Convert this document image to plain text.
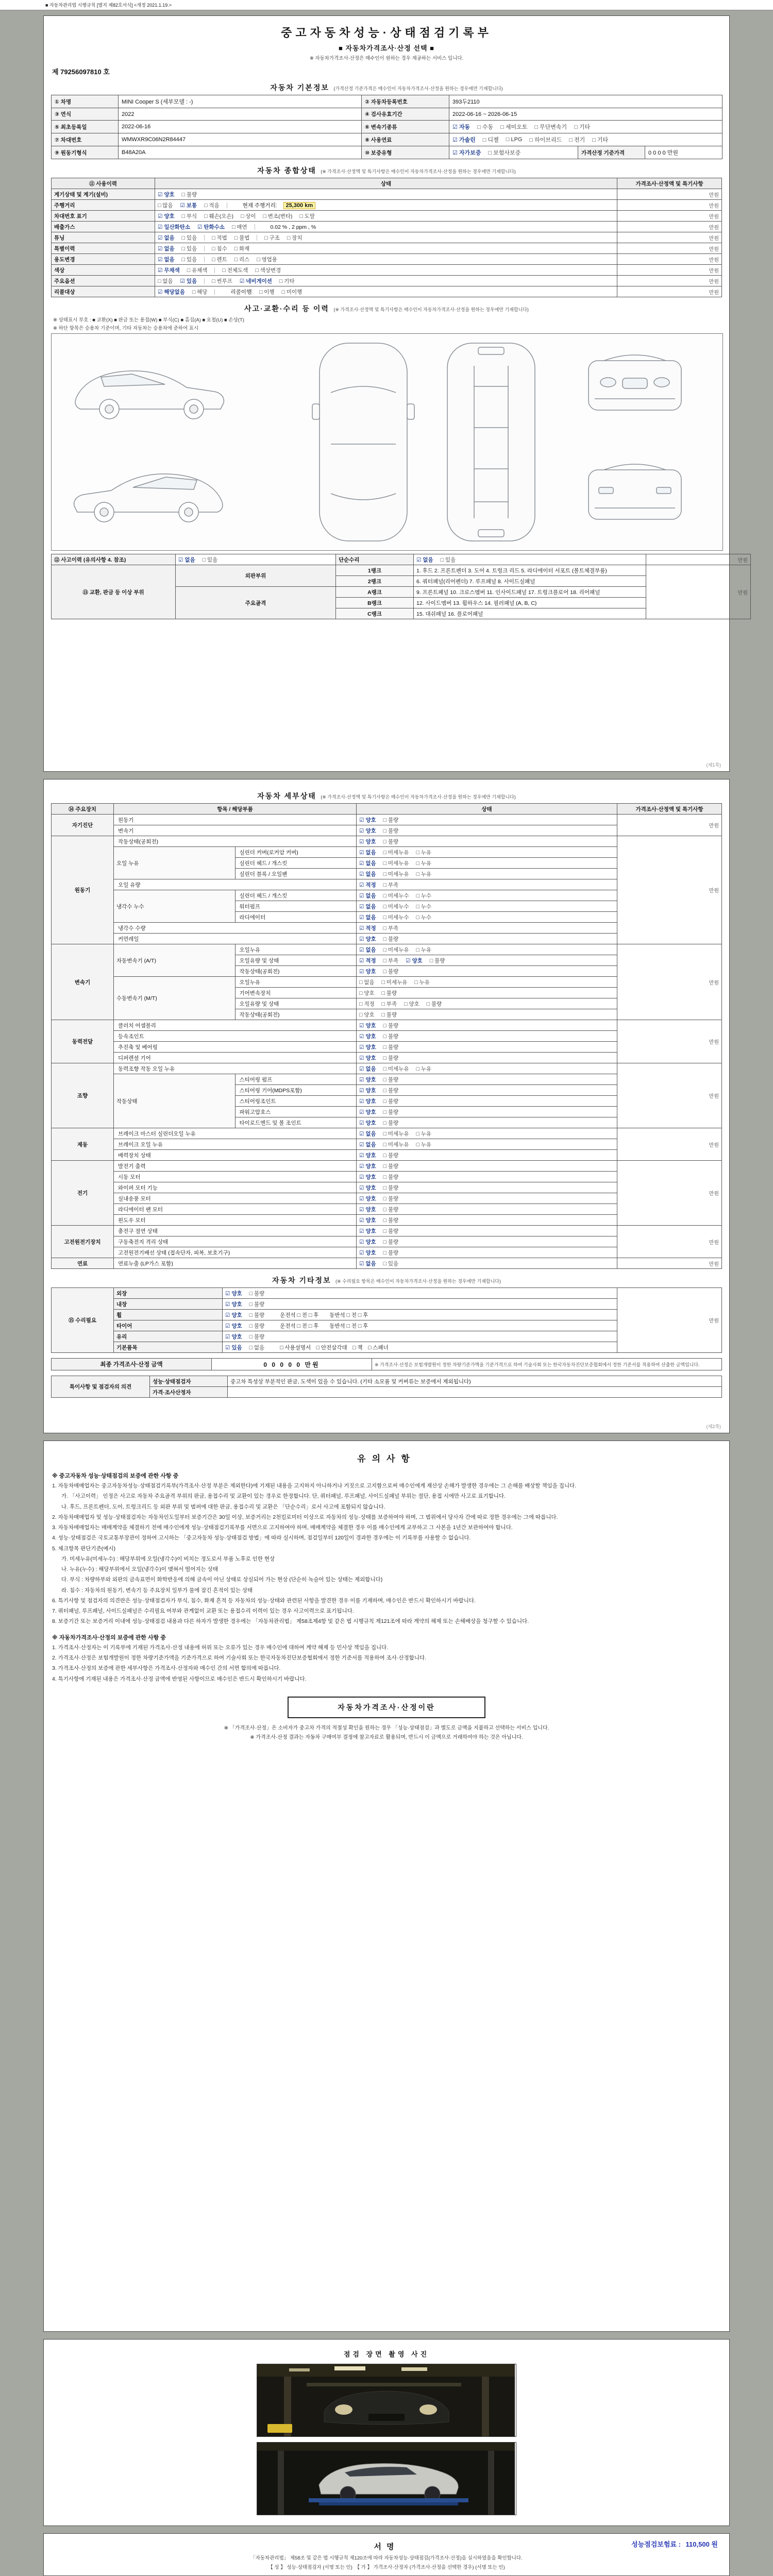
■ 자동차관리법 시행규칙 [별지 제82호서식] <개정 2021.1.19.>
중고자동차성능·상태점검기록부
■ 자동차가격조사·산정 선택 ■
※ 자동차가격조사·산정은 매수인이 원하는 경우 제공하는 서비스 입니다.
제 79256097810 호
자동차 기본정보 (가격산정 기준가격은 매수인이 자동차가격조사·산정을 원하는 경우에만 기재합니다)
① 차명	MINI Cooper S (세부모델 : -)	② 자동차등록번호	393두2110
③ 연식	2022	④ 검사유효기간	2022-06-16 ~ 2026-06-15
⑤ 최초등록일	2022-06-16	⑥ 변속기종류	☑ 자동 □ 수동 □ 세미오토 □ 무단변속기 □ 기타
⑦ 차대번호	WMWXR9C06N2R84447	⑧ 사용연료	☑ 가솔린 □ 디젤 □ LPG □ 하이브리드 □ 전기 □ 기타
⑨ 원동기형식	B48A20A	⑩ 보증유형	☑ 자가보증 □ 보험사보증	가격산정 기준가격	0 0 0 0 만원
자동차 종합상태 (※ 가격조사·산정액 및 특기사항은 매수인이 자동차가격조사·산정을 원하는 경우에만 기재합니다)
⑪ 사용이력	상태	가격조사·산정액 및 특기사항
계기상태 및 계기(설비)	☑ 양호 □ 불량	만원
주행거리	□ 많음 ☑ 보통 □ 적음 현재 주행거리 25,300 km	만원
차대번호 표기	☑ 양호 □ 부식 □ 훼손(오손) □ 상이 □ 변조(변타) □ 도말	만원
배출가스	☑ 일산화탄소 ☑ 탄화수소 □ 매연 0.02 % , 2 ppm , %	만원
튜닝	☑ 없음 □ 있음 □ 적법 □ 불법 □ 구조 □ 장치	만원
특별이력	☑ 없음 □ 있음 □ 침수 □ 화재	만원
용도변경	☑ 없음 □ 있음 □ 렌트 □ 리스 □ 영업용	만원
색상	☑ 무채색 □ 유채색 □ 전체도색 □ 색상변경	만원
주요옵션	□ 없음 ☑ 있음 □ 썬루프 ☑ 네비게이션 □ 기타	만원
리콜대상	☑ 해당없음 □ 해당 리콜이행 □ 이행 □ 미이행	만원
사고·교환·수리 등 이력 (※ 가격조사·산정액 및 특기사항은 매수인이 자동차가격조사·산정을 원하는 경우에만 기재합니다)
※ 상태표시 부호 : ■ 교환(X) ■ 판금 또는 용접(W) ■ 부식(C) ■ 흠집(A) ■ 요철(U) ■ 손상(T)
※ 하단 항목은 승용차 기준이며, 기타 자동차는 승용차에 준하여 표시
⑫ 사고이력 (유의사항 4. 참조)	☑ 없음 □ 있음	단순수리	☑ 없음 □ 있음	만원
⑬ 교환, 판금 등 이상 부위	외판부위	1랭크	1. 후드 2. 프론트펜더 3. 도어 4. 트렁크 리드 5. 라디에이터 서포트 (볼트체결부품)	만원
		2랭크	6. 쿼터패널(리어펜더) 7. 루프패널 8. 사이드실패널	
	주요골격	A랭크	9. 프론트패널 10. 크로스멤버 11. 인사이드패널 17. 트렁크플로어 18. 리어패널	
		B랭크	12. 사이드멤버 13. 휠하우스 14. 필러패널 (A, B, C)	
		C랭크	15. 대쉬패널 16. 플로어패널	
(제1쪽)
자동차 세부상태 (※ 가격조사·산정액 및 특기사항은 매수인이 자동차가격조사·산정을 원하는 경우에만 기재합니다)
⑭ 주요장치	항목 / 해당부품		상태	가격조사·산정액 및 특기사항
자기진단	원동기		☑ 양호 □ 불량	만원
	변속기		☑ 양호 □ 불량	
원동기	작동상태(공회전)		☑ 양호 □ 불량	만원
	오일 누유	실린더 커버(로커암 커버)	☑ 없음 □ 미세누유 □ 누유	
		실린더 헤드 / 개스킷	☑ 없음 □ 미세누유 □ 누유	
		실린더 블록 / 오일팬	☑ 없음 □ 미세누유 □ 누유	
	오일 유량		☑ 적정 □ 부족	
	냉각수 누수	실린더 헤드 / 개스킷	☑ 없음 □ 미세누수 □ 누수	
		워터펌프	☑ 없음 □ 미세누수 □ 누수	
		라디에이터	☑ 없음 □ 미세누수 □ 누수	
	냉각수 수량		☑ 적정 □ 부족	
	커먼레일		☑ 양호 □ 불량	
변속기	자동변속기 (A/T)	오일누유	☑ 없음 □ 미세누유 □ 누유	만원
		오일유량 및 상태	☑ 적정 □ 부족 ☑ 양호 □ 불량	
		작동상태(공회전)	☑ 양호 □ 불량	
	수동변속기 (M/T)	오일누유	□ 없음 □ 미세누유 □ 누유	
		기어변속장치	□ 양호 □ 불량	
		오일유량 및 상태	□ 적정 □ 부족 □ 양호 □ 불량	
		작동상태(공회전)	□ 양호 □ 불량	
동력전달	클러치 어셈블리		☑ 양호 □ 불량	만원
	등속조인트		☑ 양호 □ 불량	
	추진축 및 베어링		☑ 양호 □ 불량	
	디퍼렌셜 기어		☑ 양호 □ 불량	
조향	동력조향 작동 오일 누유		☑ 없음 □ 미세누유 □ 누유	만원
	작동상태	스티어링 펌프	☑ 양호 □ 불량	
		스티어링 기어(MDPS포함)	☑ 양호 □ 불량	
		스티어링조인트	☑ 양호 □ 불량	
		파워고압호스	☑ 양호 □ 불량	
		타이로드엔드 및 볼 조인트	☑ 양호 □ 불량	
제동	브레이크 마스터 실린더오일 누유		☑ 없음 □ 미세누유 □ 누유	만원
	브레이크 오일 누유		☑ 없음 □ 미세누유 □ 누유	
	배력장치 상태		☑ 양호 □ 불량	
전기	발전기 출력		☑ 양호 □ 불량	만원
	시동 모터		☑ 양호 □ 불량	
	와이퍼 모터 기능		☑ 양호 □ 불량	
	실내송풍 모터		☑ 양호 □ 불량	
	라디에이터 팬 모터		☑ 양호 □ 불량	
	윈도우 모터		☑ 양호 □ 불량	
고전원전기장치	충전구 절연 상태		☑ 양호 □ 불량	만원
	구동축전지 격리 상태		☑ 양호 □ 불량	
	고전원전기배선 상태 (접속단자, 피복, 보호기구)		☑ 양호 □ 불량	
연료	연료누출 (LP가스 포함)		☑ 없음 □ 있음	만원
자동차 기타정보 (※ 수리필요 항목은 매수인이 자동차가격조사·산정을 원하는 경우에만 기재합니다)
⑮ 수리필요	외장	☑ 양호 □ 불량	만원
	내장	☑ 양호 □ 불량	
	휠	☑ 양호 □ 불량 운전석 □ 전 □ 후　　동반석 □ 전 □ 후	
	타이어	☑ 양호 □ 불량 운전석 □ 전 □ 후　　동반석 □ 전 □ 후	
	유리	☑ 양호 □ 불량	
	기본품목	☑ 있음 □ 없음 □ 사용설명서　□ 안전삼각대　□ 잭　□ 스패너	
최종 가격조사·산정 금액	0 0 0 0 0 만원	※ 가격조사·산정은 보험개발원이 정한 차량기준가액을 기준가격으로 하여 기술사회 또는 한국자동차진단보증협회에서 정한 기준서를 적용하여 산출한 금액입니다.
특이사항 및 점검자의 의견	성능·상태점검자	중고차 특성상 부분적인 판금, 도색이 있을 수 있습니다. (기타 소모품 및 커버류는 보증에서 제외됩니다)
	가격·조사산정자	
(제2쪽)
유의사항
※ 중고자동차 성능·상태점검의 보증에 관한 사항 중
1. 자동차매매업자는 중고자동차성능·상태점검기록부(가격조사·산정 부분은 제외한다)에 기재된 내용을 고지하지 아니하거나 거짓으로 고지함으로써 매수인에게 재산상 손해가 발생한 경우에는 그 손해를 배상할 책임을 집니다.
가. 「사고이력」 인정은 사고로 자동차 주요골격 부위의 판금, 용접수리 및 교환이 있는 경우로 한정합니다. 단, 쿼터패널, 루프패널, 사이드실패널 부위는 절단, 용접 시에만 사고로 표기합니다.
나. 후드, 프론트펜더, 도어, 트렁크리드 등 외판 부위 및 범퍼에 대한 판금, 용접수리 및 교환은 「단순수리」로서 사고에 포함되지 않습니다.
2. 자동차매매업자 및 성능·상태점검자는 자동차인도일부터 보증기간은 30일 이상, 보증거리는 2천킬로미터 이상으로 자동차의 성능·상태를 보증하여야 하며, 그 범위에서 당사자 간에 따로 정한 경우에는 그에 따릅니다.
3. 자동차매매업자는 매매계약을 체결하기 전에 매수인에게 성능·상태점검기록부를 서면으로 고지하여야 하며, 매매계약을 체결한 경우 이를 매수인에게 교부하고 그 사본을 1년간 보관하여야 합니다.
4. 성능·상태점검은 국토교통부장관이 정하여 고시하는 「중고자동차 성능·상태점검 방법」에 따라 실시하며, 점검일부터 120일이 경과한 경우에는 이 기록부를 사용할 수 없습니다.
5. 체크항목 판단기준(예시)
가. 미세누유(미세누수) : 해당부위에 오일(냉각수)이 비치는 정도로서 부품 노후로 인한 현상
나. 누유(누수) : 해당부위에서 오일(냉각수)이 맺혀서 떨어지는 상태
다. 부식 : 차량하부와 외판의 금속표면이 화학반응에 의해 금속이 아닌 상태로 상실되어 가는 현상 (단순히 녹슬어 있는 상태는 제외합니다)
라. 침수 : 자동차의 원동기, 변속기 등 주요장치 일부가 물에 잠긴 흔적이 있는 상태
6. 특기사항 및 점검자의 의견란은 성능·상태점검자가 부식, 침수, 화재 흔적 등 자동차의 성능·상태와 관련된 사항을 발견한 경우 이를 기재하며, 매수인은 반드시 확인하시기 바랍니다.
7. 쿼터패널, 루프패널, 사이드실패널은 수리필요 여부와 관계없이 교환 또는 용접수리 이력이 있는 경우 사고이력으로 표기됩니다.
8. 보증기간 또는 보증거리 이내에 성능·상태점검 내용과 다른 하자가 발생한 경우에는 「자동차관리법」 제58조제4항 및 같은 법 시행규칙 제121조에 따라 계약의 해제 또는 손해배상을 청구할 수 있습니다.
※ 자동차가격조사·산정의 보증에 관한 사항 중
1. 가격조사·산정자는 이 기록부에 기재된 가격조사·산정 내용에 허위 또는 오류가 있는 경우 매수인에 대하여 계약 해제 등 민사상 책임을 집니다.
2. 가격조사·산정은 보험개발원이 정한 차량기준가액을 기준가격으로 하여 기술사회 또는 한국자동차진단보증협회에서 정한 기준서를 적용하여 조사·산정합니다.
3. 가격조사·산정의 보증에 관한 세부사항은 가격조사·산정자와 매수인 간의 서면 합의에 따릅니다.
4. 특기사항에 기재된 내용은 가격조사·산정 금액에 반영된 사항이므로 매수인은 반드시 확인하시기 바랍니다.
자동차가격조사·산정이란
※ 「가격조사·산정」은 소비자가 중고차 가격의 적절성 확인을 원하는 경우 「성능·상태점검」과 별도로 금액을 지불하고 선택하는 서비스 입니다.
※ 가격조사·산정 결과는 자동차 구매여부 결정에 참고자료로 활용되며, 반드시 이 금액으로 거래하여야 하는 것은 아닙니다.
점검 장면 촬영 사진
서명	성능점검보험료 : 110,500 원
「자동차관리법」 제58조 및 같은 법 시행규칙 제120조에 따라 자동차성능·상태점검(가격조사·산정)을 실시하였음을 확인합니다.
【 성 】 성능·상태점검자 (서명 또는 인)　【 가 】 가격조사·산정자 (가격조사·산정을 선택한 경우) (서명 또는 인)
